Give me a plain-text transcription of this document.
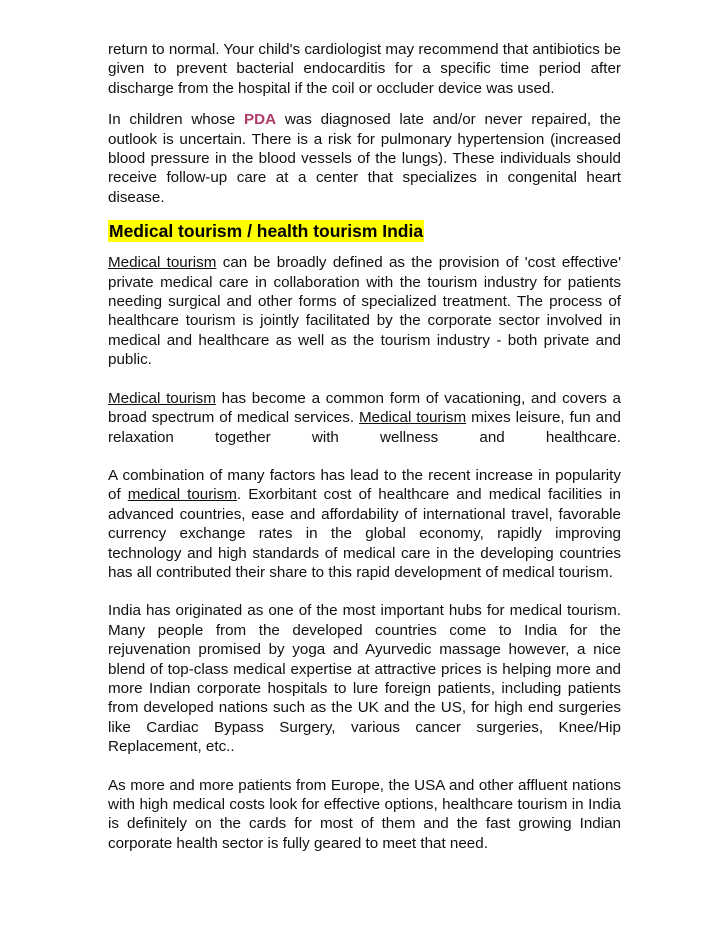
return to normal. Your child's cardiologist may recommend that antibiotics be given to prevent bacterial endocarditis for a specific time period after discharge from the hospital if the coil or occluder device was used.

In children whose PDA was diagnosed late and/or never repaired, the outlook is uncertain. There is a risk for pulmonary hypertension (increased blood pressure in the blood vessels of the lungs). These individuals should receive follow-up care at a center that specializes in congenital heart disease.

Medical tourism / health tourism India

Medical tourism can be broadly defined as the provision of 'cost effective' private medical care in collaboration with the tourism industry for patients needing surgical and other forms of specialized treatment. The process of healthcare tourism is jointly facilitated by the corporate sector involved in medical and healthcare as well as the tourism industry - both private and public.

Medical tourism has become a common form of vacationing, and covers a broad spectrum of medical services. Medical tourism mixes leisure, fun and relaxation together with wellness and healthcare.

A combination of many factors has lead to the recent increase in popularity of medical tourism. Exorbitant cost of healthcare and medical facilities in advanced countries, ease and affordability of international travel, favorable currency exchange rates in the global economy, rapidly improving technology and high standards of medical care in the developing countries has all contributed their share to this rapid development of medical tourism.

India has originated as one of the most important hubs for medical tourism. Many people from the developed countries come to India for the rejuvenation promised by yoga and Ayurvedic massage however, a nice blend of top-class medical expertise at attractive prices is helping more and more Indian corporate hospitals to lure foreign patients, including patients from developed nations such as the UK and the US, for high end surgeries like Cardiac Bypass Surgery, various cancer surgeries, Knee/Hip Replacement, etc..

As more and more patients from Europe, the USA and other affluent nations with high medical costs look for effective options, healthcare tourism in India is definitely on the cards for most of them and the fast growing Indian corporate health sector is fully geared to meet that need.
